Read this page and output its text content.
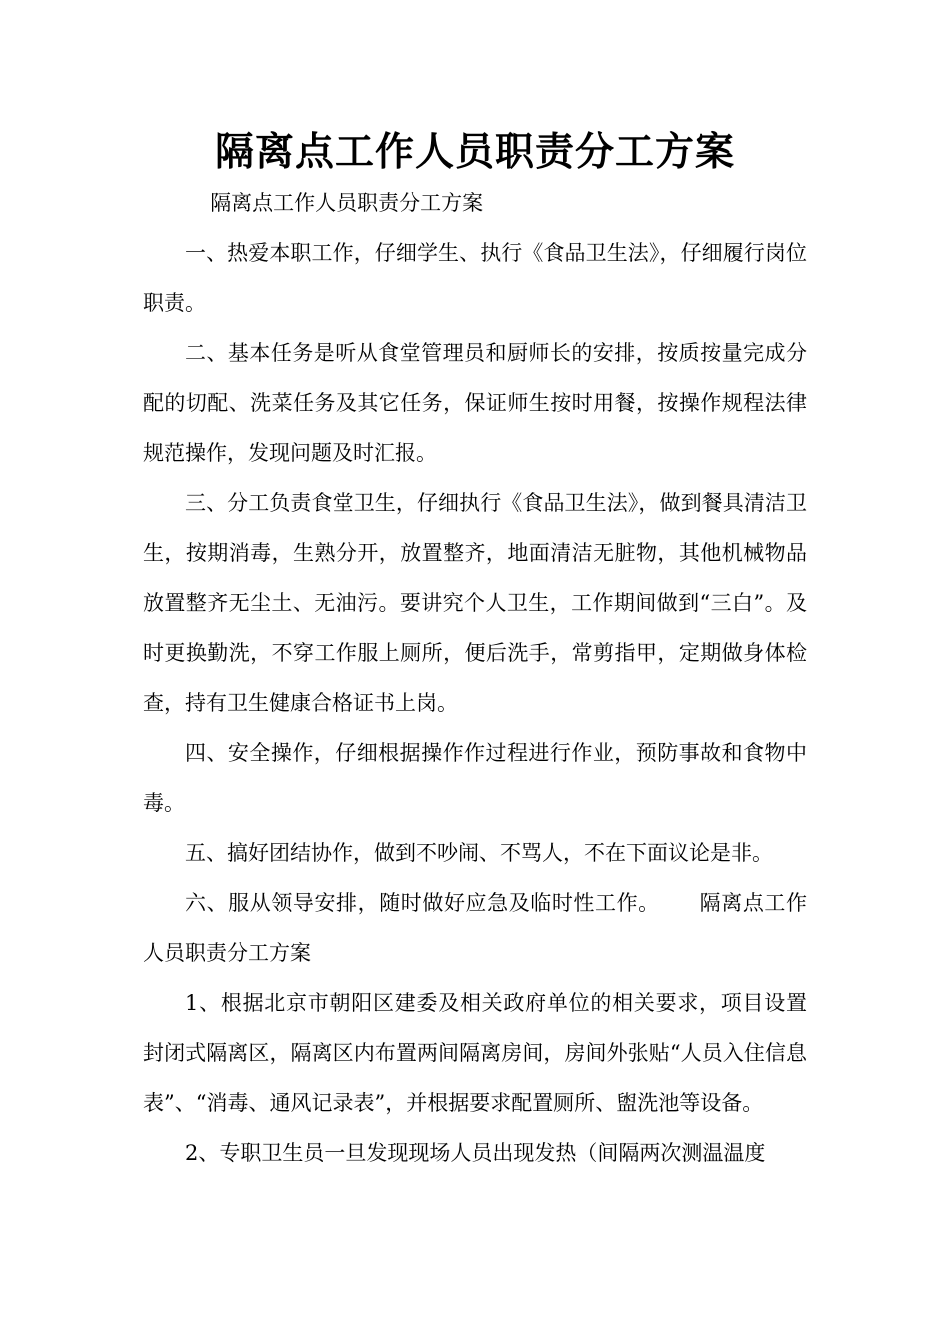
隔离点工作人员职责分工方案

隔离点工作人员职责分工方案

一、热爱本职工作，仔细学生、执行《食品卫生法》，仔细履行岗位职责。

二、基本任务是听从食堂管理员和厨师长的安排，按质按量完成分配的切配、洗菜任务及其它任务，保证师生按时用餐，按操作规程法律规范操作，发现问题及时汇报。

三、分工负责食堂卫生，仔细执行《食品卫生法》，做到餐具清洁卫生，按期消毒，生熟分开，放置整齐，地面清洁无脏物，其他机械物品放置整齐无尘土、无油污。要讲究个人卫生，工作期间做到“三白”。及时更换勤洗，不穿工作服上厕所，便后洗手，常剪指甲，定期做身体检查，持有卫生健康合格证书上岗。

四、安全操作，仔细根据操作作过程进行作业，预防事故和食物中毒。

五、搞好团结协作，做到不吵闹、不骂人，不在下面议论是非。

六、服从领导安排，随时做好应急及临时性工作。　　 隔离点工作人员职责分工方案

1、根据北京市朝阳区建委及相关政府单位的相关要求，项目设置封闭式隔离区，隔离区内布置两间隔离房间，房间外张贴“人员入住信息表”、“消毒、通风记录表”，并根据要求配置厕所、盥洗池等设备。

2、专职卫生员一旦发现现场人员出现发热（间隔两次测温温度
